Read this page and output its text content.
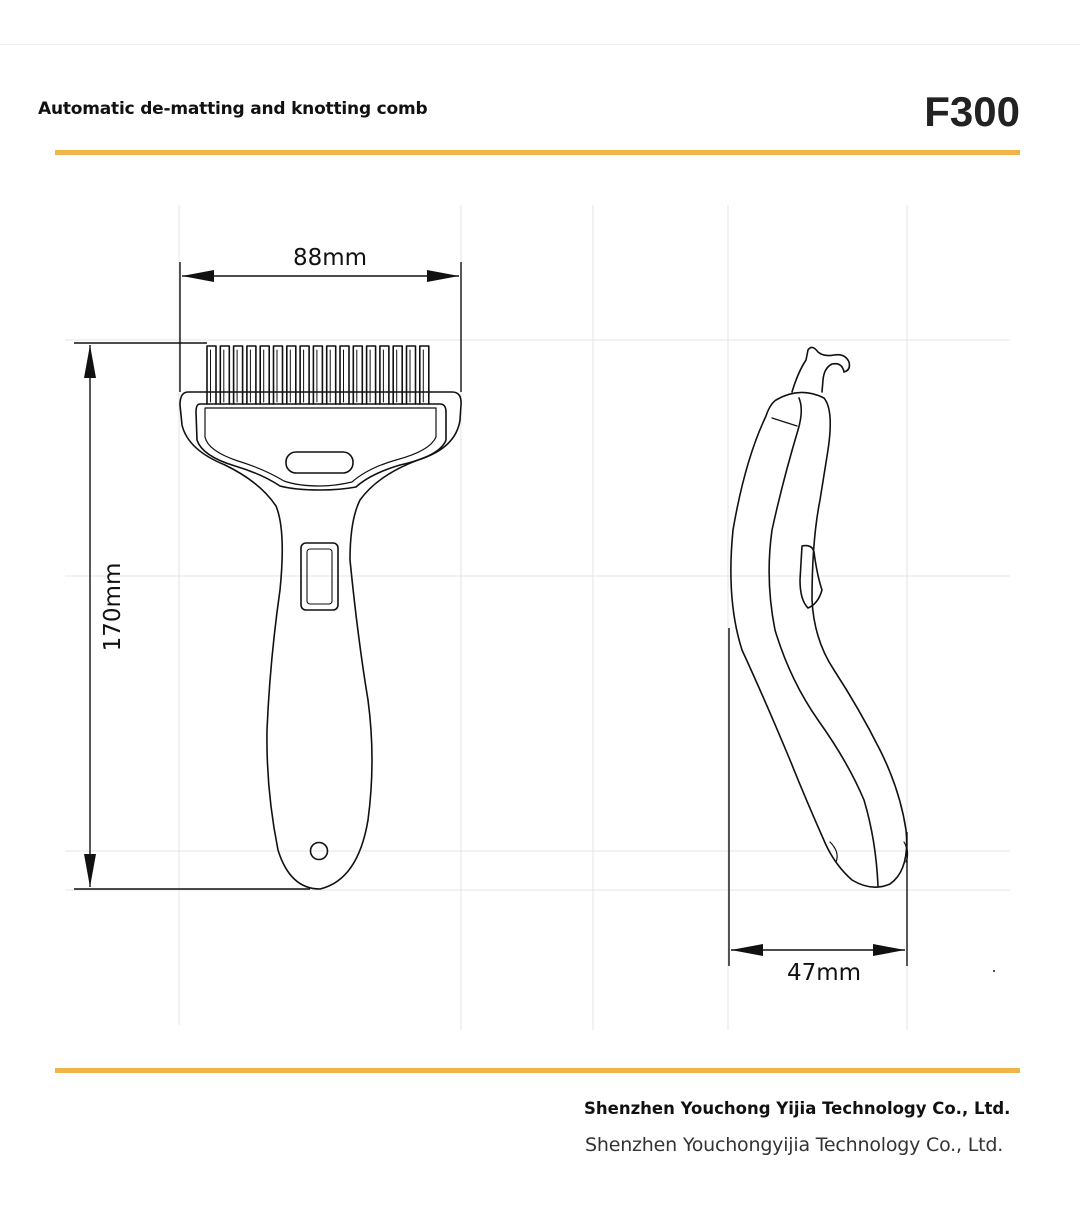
Automatic de-matting and knotting comb	F300
88mm
170mm
47mm
Shenzhen Youchong Yijia Technology Co., Ltd.
Shenzhen Youchongyijia Technology Co., Ltd.
